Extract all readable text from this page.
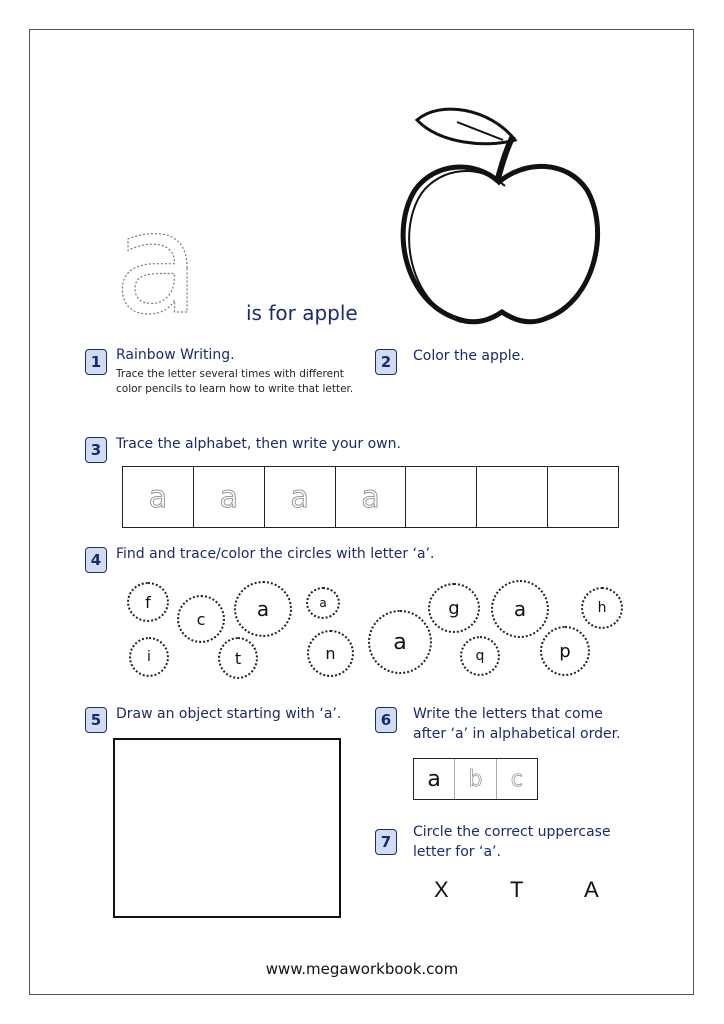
a is for apple
1	Rainbow Writing.
Trace the letter several times with different
color pencils to learn how to write that letter.
2	Color the apple.
3	Trace the alphabet, then write your own.
a	a	a	a
4	Find and trace/color the circles with letter ‘a’.
f
c	a	a
i	t	n	a
g	a
q	p
h
5	Draw an object starting with ‘a’.	6	Write the letters that come
after ‘a’ in alphabetical order.
a	b	c
7
Circle the correct uppercase
letter for ‘a’.
X	T	A
www.megaworkbook.com
